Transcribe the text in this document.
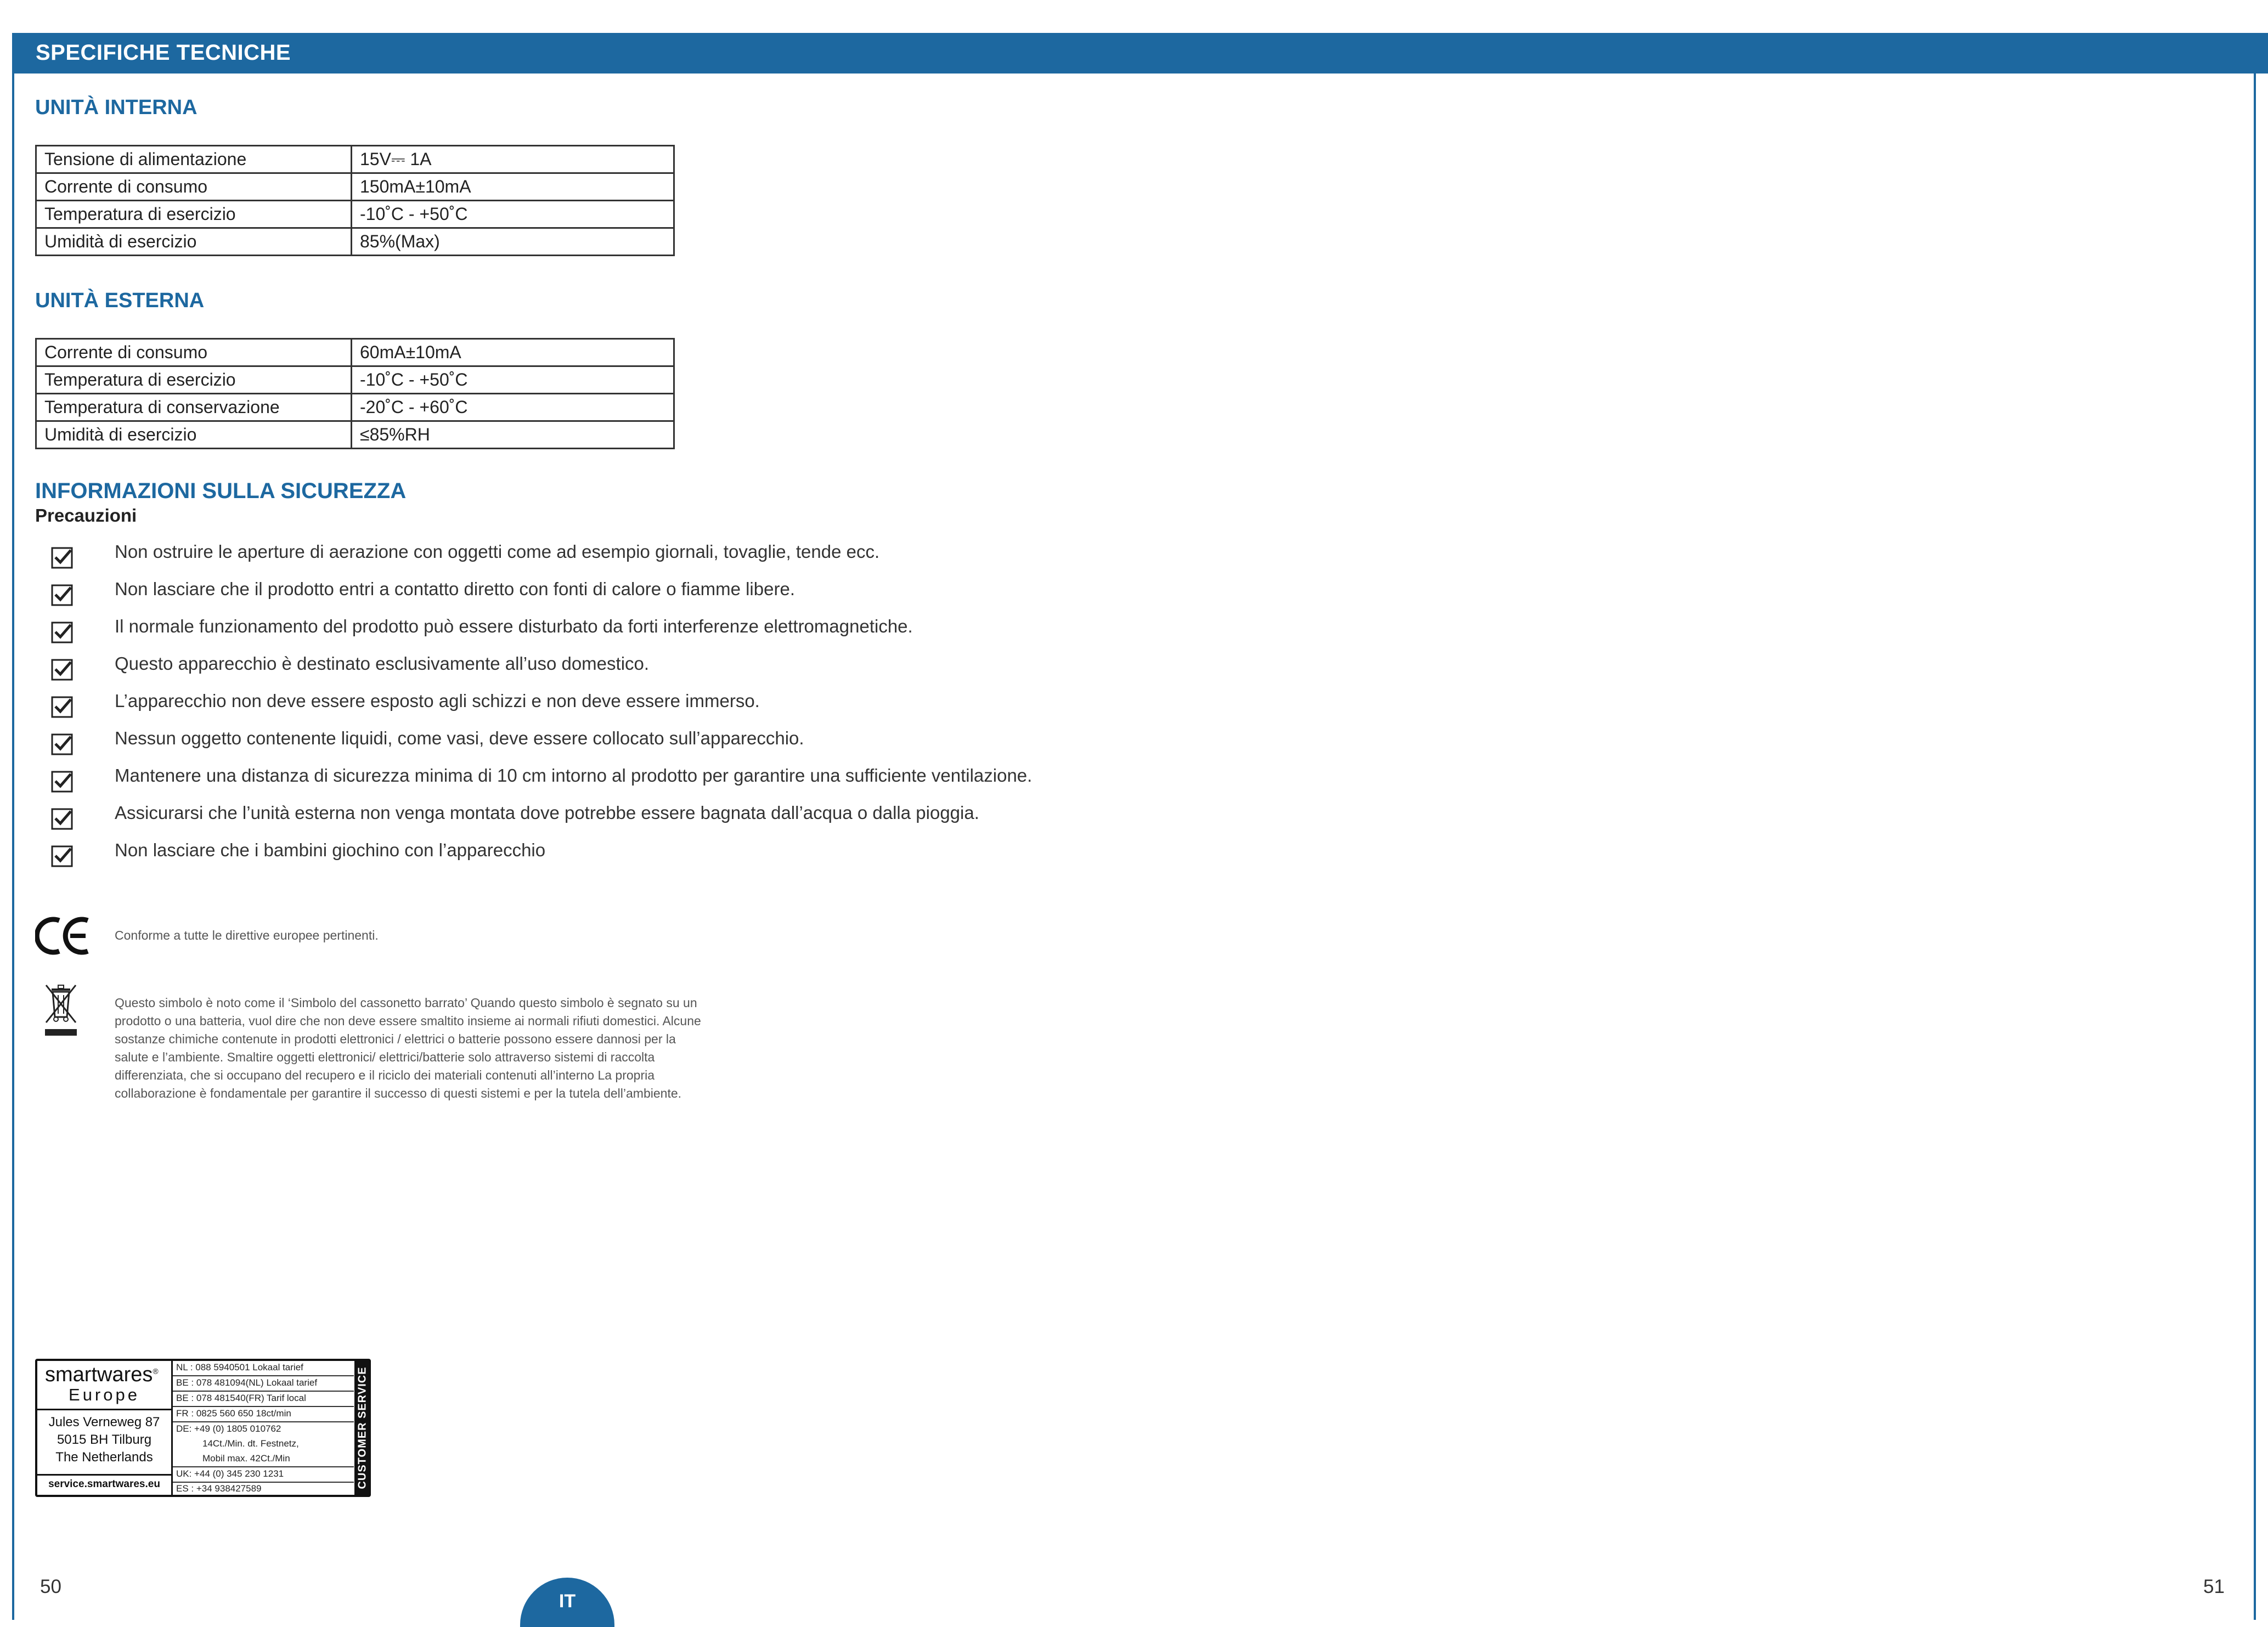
SPECIFICHE TECNICHE
UNITÀ INTERNA
Tensione di alimentazione	15V⎓ 1A
Corrente di consumo	150mA±10mA
Temperatura di esercizio	-10˚C - +50˚C
Umidità di esercizio	85%(Max)
UNITÀ ESTERNA
Corrente di consumo	60mA±10mA
Temperatura di esercizio	-10˚C - +50˚C
Temperatura di conservazione	-20˚C - +60˚C
Umidità di esercizio	≤85%RH
INFORMAZIONI SULLA SICUREZZA
Precauzioni
Non ostruire le aperture di aerazione con oggetti come ad esempio giornali, tovaglie, tende ecc.
Non lasciare che il prodotto entri a contatto diretto con fonti di calore o fiamme libere.
Il normale funzionamento del prodotto può essere disturbato da forti interferenze elettromagnetiche.
Questo apparecchio è destinato esclusivamente all’uso domestico.
L’apparecchio non deve essere esposto agli schizzi e non deve essere immerso.
Nessun oggetto contenente liquidi, come vasi, deve essere collocato sull’apparecchio.
Mantenere una distanza di sicurezza minima di 10 cm intorno al prodotto per garantire una sufficiente ventilazione.
Assicurarsi che l’unità esterna non venga montata dove potrebbe essere bagnata dall’acqua o dalla pioggia.
Non lasciare che i bambini giochino con l’apparecchio
Conforme a tutte le direttive europee pertinenti.
Questo simbolo è noto come il ‘Simbolo del cassonetto barrato’ Quando questo simbolo è segnato su un prodotto o una batteria, vuol dire che non deve essere smaltito insieme ai normali rifiuti domestici. Alcune sostanze chimiche contenute in prodotti elettronici / elettrici o batterie possono essere dannosi per la salute e l’ambiente. Smaltire oggetti elettronici/ elettrici/batterie solo attraverso sistemi di raccolta differenziata, che si occupano del recupero e il riciclo dei materiali contenuti all’interno La propria collaborazione è fondamentale per garantire il successo di questi sistemi e per la tutela dell’ambiente.
smartwares®
Europe
Jules Verneweg 87
5015 BH Tilburg
The Netherlands
service.smartwares.eu
NL : 088 5940501 Lokaal tarief
BE : 078 481094(NL) Lokaal tarief
BE : 078 481540(FR) Tarif local
FR : 0825 560 650 18ct/min
DE: +49 (0) 1805 010762
14Ct./Min. dt. Festnetz,
Mobil max. 42Ct./Min
UK: +44 (0) 345 230 1231
ES : +34 938427589	CUSTOMER SERVICE
50	51
IT
